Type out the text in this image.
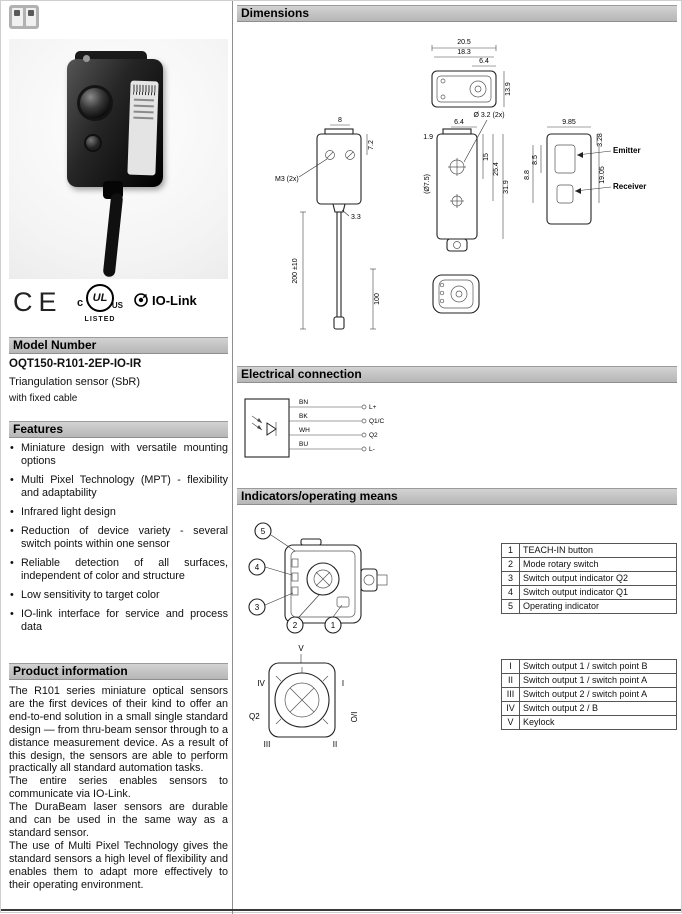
CE c UL
US
LISTED
IO-Link
Model Number
OQT150-R101-2EP-IO-IR
Triangulation sensor (SbR)
with fixed cable
Features
• Miniature design with versatile mounting options
• Multi Pixel Technology (MPT) - flexibility and adaptability
• Infrared light design
• Reduction of device variety - several switch points within one sensor
• Reliable detection of all surfaces, independent of color and structure
• Low sensitivity to target color
• IO-link interface for service and process data
Product information

The R101 series miniature optical sensors are the first devices of their kind to offer an end-to-end solution in a small single standard design — from thru-beam sensor through to a distance measurement device. As a result of this design, the sensors are able to perform practically all standard automation tasks.

The entire series enables sensors to communicate via IO-Link.

The DuraBeam laser sensors are durable and can be used in the same way as a standard sensor.

The use of Multi Pixel Technology gives the standard sensors a high level of flexibility and enables them to adapt more effectively to their operating environment.

Dimensions
20.5
18.3
6.4
13.9
8
7.2
M3 (2x)
3.3
200 ±10
100
6.4
Ø 3.2 (2x)
1.9
(Ø7.5)
15
25.4
31.9
9.85
3.28
8.5
8.8	19.05
Emitter
Receiver
Electrical connection
BN
BK
WH
BU
L+
Q1/C
Q2
L-
Indicators/operating means
5
4
3
2	1
1	TEACH-IN button
2	Mode rotary switch
3	Switch output indicator Q2
4	Switch output indicator Q1
5	Operating indicator
V
IV	I
Q2	I/O
III	II
I	Switch output 1 / switch point B
II	Switch output 1 / switch point A
III	Switch output 2 / switch point A
IV	Switch output 2 / B
V	Keylock
